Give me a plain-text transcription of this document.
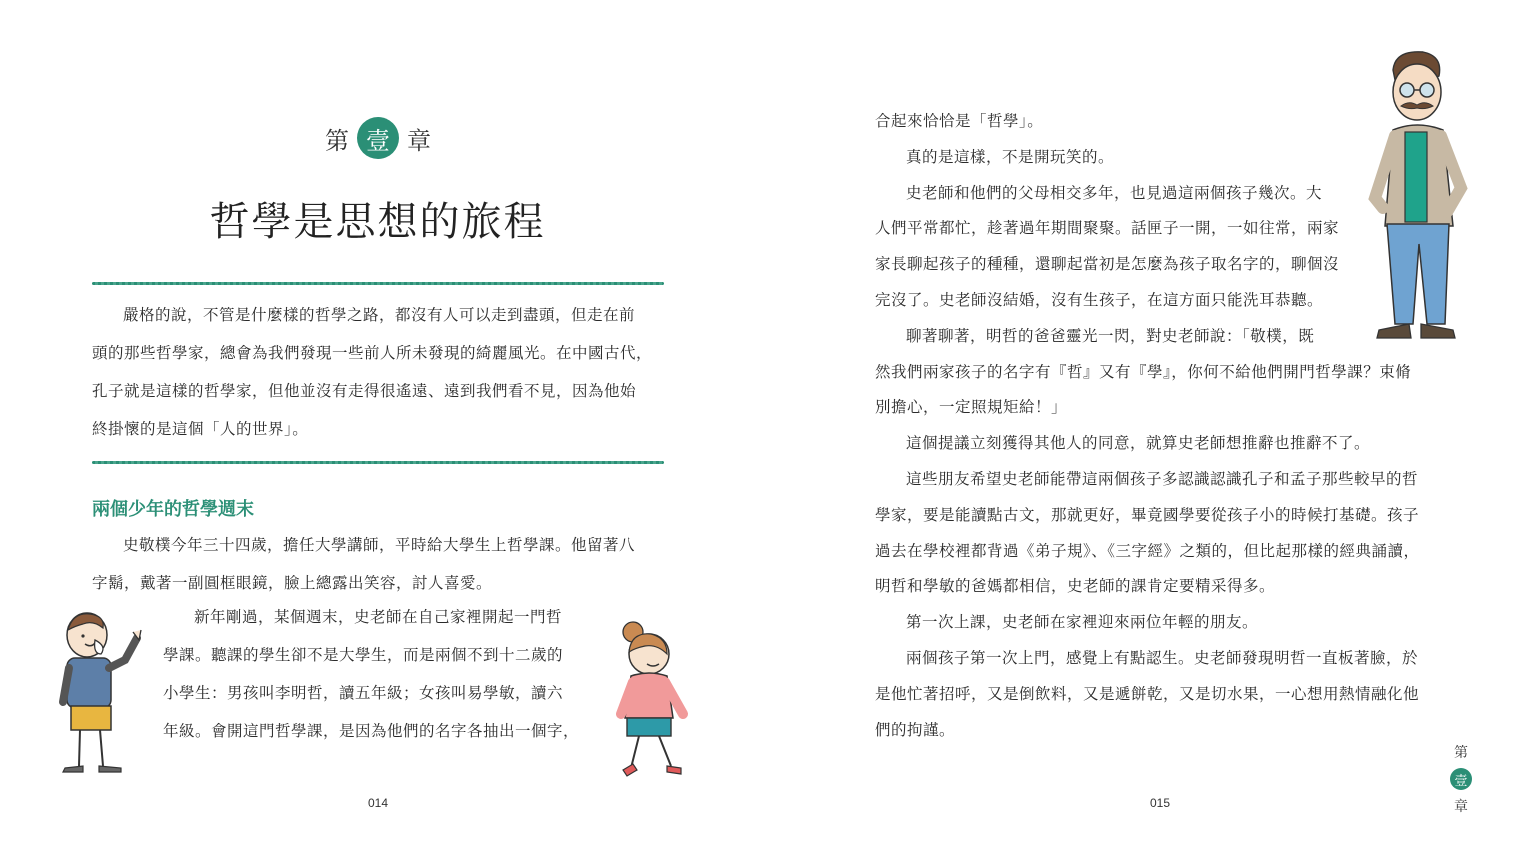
第 壹 章
哲學是思想的旅程

嚴格的說，不管是什麼樣的哲學之路，都沒有人可以走到盡頭，但走在前

頭的那些哲學家，總會為我們發現一些前人所未發現的綺麗風光。在中國古代，

孔子就是這樣的哲學家，但他並沒有走得很遙遠、遠到我們看不見，因為他始

終掛懷的是這個「人的世界」。

兩個少年的哲學週末

史敬樸今年三十四歲，擔任大學講師，平時給大學生上哲學課。他留著八

字鬍，戴著一副圓框眼鏡，臉上總露出笑容，討人喜愛。

新年剛過，某個週末，史老師在自己家裡開起一門哲

學課。聽課的學生卻不是大學生，而是兩個不到十二歲的

小學生：男孩叫李明哲，讀五年級；女孩叫易學敏，讀六

年級。會開這門哲學課，是因為他們的名字各抽出一個字，

014

合起來恰恰是「哲學」。

真的是這樣，不是開玩笑的。

史老師和他們的父母相交多年，也見過這兩個孩子幾次。大

人們平常都忙，趁著過年期間聚聚。話匣子一開，一如往常，兩家

家長聊起孩子的種種，還聊起當初是怎麼為孩子取名字的，聊個沒

完沒了。史老師沒結婚，沒有生孩子，在這方面只能洗耳恭聽。

聊著聊著，明哲的爸爸靈光一閃，對史老師說：「敬樸，既

然我們兩家孩子的名字有『哲』又有『學』，你何不給他們開門哲學課？束脩

別擔心，一定照規矩給！」

這個提議立刻獲得其他人的同意，就算史老師想推辭也推辭不了。

這些朋友希望史老師能帶這兩個孩子多認識認識孔子和孟子那些較早的哲

學家，要是能讀點古文，那就更好，畢竟國學要從孩子小的時候打基礎。孩子

過去在學校裡都背過《弟子規》、《三字經》之類的，但比起那樣的經典誦讀，

明哲和學敏的爸媽都相信，史老師的課肯定要精采得多。

第一次上課，史老師在家裡迎來兩位年輕的朋友。

兩個孩子第一次上門，感覺上有點認生。史老師發現明哲一直板著臉，於

是他忙著招呼，又是倒飲料，又是遞餅乾，又是切水果，一心想用熱情融化他

們的拘謹。

015
第
壹
章
